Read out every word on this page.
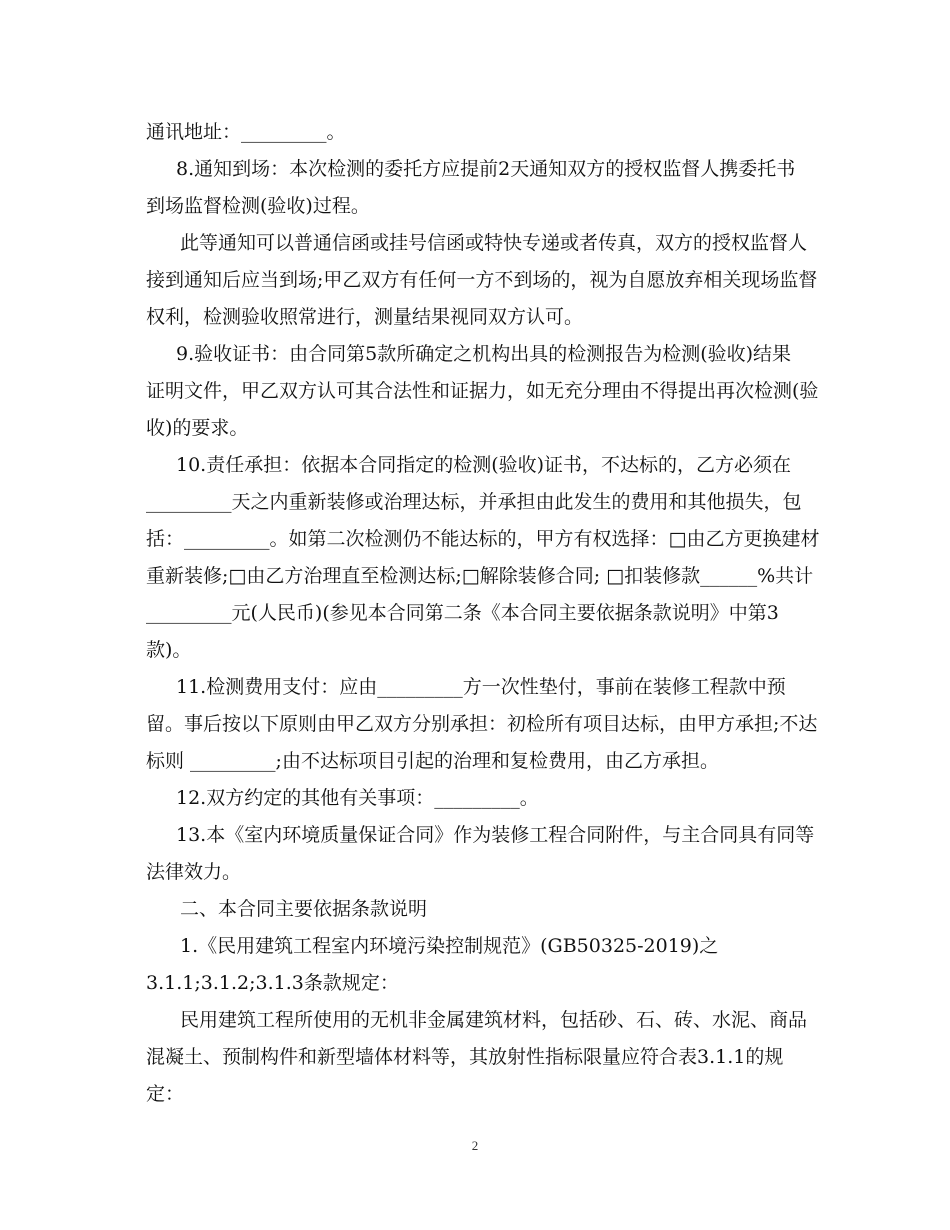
通讯地址：_________。
8.通知到场：本次检测的委托方应提前2天通知双方的授权监督人携委托书
到场监督检测(验收)过程。
此等通知可以普通信函或挂号信函或特快专递或者传真，双方的授权监督人
接到通知后应当到场;甲乙双方有任何一方不到场的，视为自愿放弃相关现场监督
权利，检测验收照常进行，测量结果视同双方认可。
9.验收证书：由合同第5款所确定之机构出具的检测报告为检测(验收)结果
证明文件，甲乙双方认可其合法性和证据力，如无充分理由不得提出再次检测(验
收)的要求。
10.责任承担：依据本合同指定的检测(验收)证书，不达标的，乙方必须在
_________天之内重新装修或治理达标，并承担由此发生的费用和其他损失，包
括：_________。如第二次检测仍不能达标的，甲方有权选择：□由乙方更换建材
重新装修;□由乙方治理直至检测达标;□解除装修合同; □扣装修款______%共计
_________元(人民币)(参见本合同第二条《本合同主要依据条款说明》中第3
款)。
11.检测费用支付：应由_________方一次性垫付，事前在装修工程款中预
留。事后按以下原则由甲乙双方分别承担：初检所有项目达标，由甲方承担;不达
标则 _________;由不达标项目引起的治理和复检费用，由乙方承担。
12.双方约定的其他有关事项：_________。
13.本《室内环境质量保证合同》作为装修工程合同附件，与主合同具有同等
法律效力。
二、本合同主要依据条款说明
1.《民用建筑工程室内环境污染控制规范》(GB50325-2019)之
3.1.1;3.1.2;3.1.3条款规定：
民用建筑工程所使用的无机非金属建筑材料，包括砂、石、砖、水泥、商品
混凝土、预制构件和新型墙体材料等，其放射性指标限量应符合表3.1.1的规
定：
2
